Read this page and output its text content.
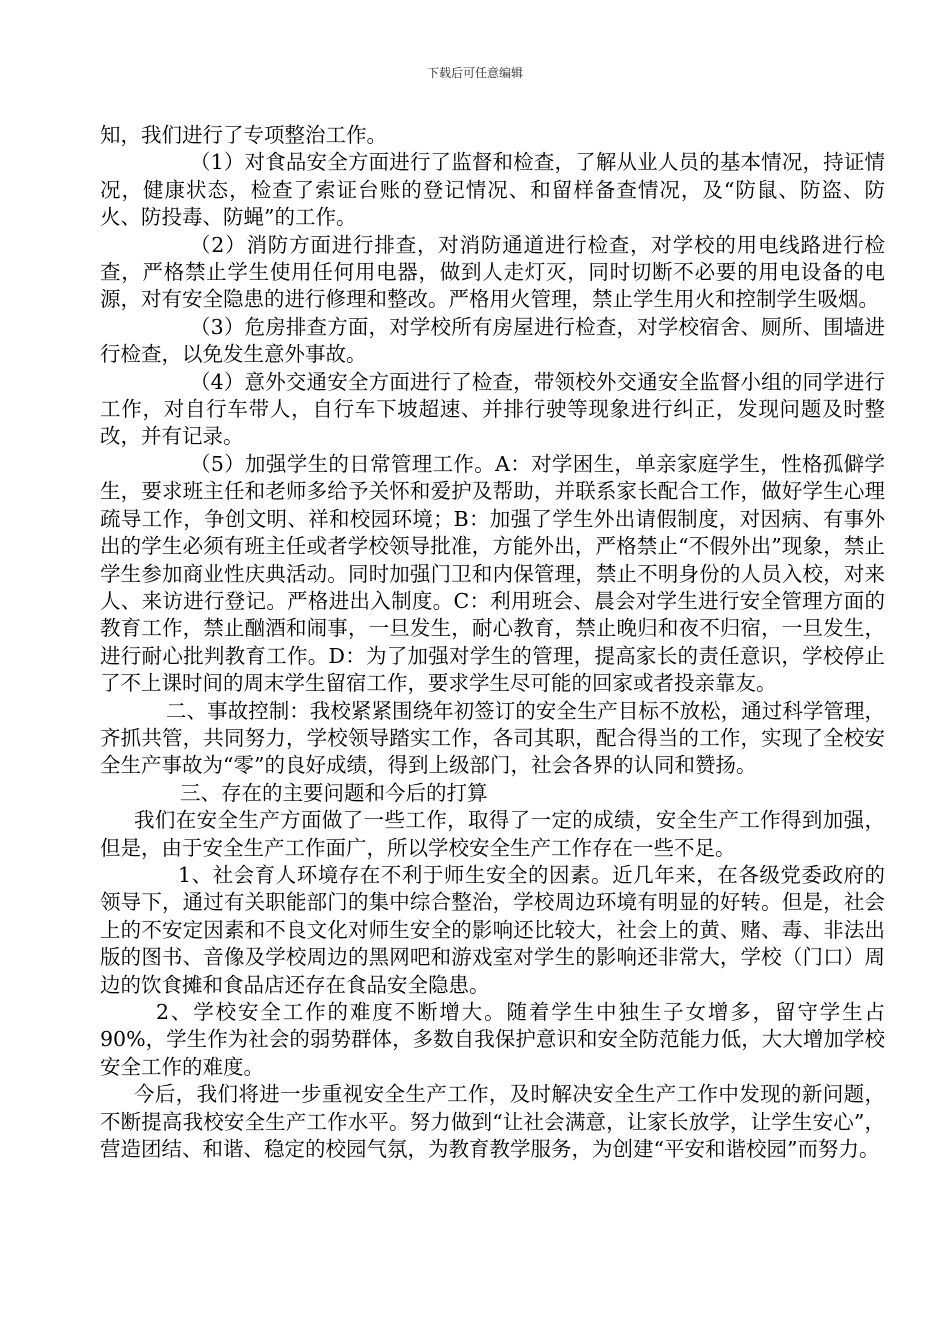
下载后可任意编辑

知，我们进行了专项整治工作。

（1）对食品安全方面进行了监督和检查，了解从业人员的基本情况，持证情况，健康状态，检查了索证台账的登记情况、和留样备查情况，及“防鼠、防盗、防火、防投毒、防蝇”的工作。

（2）消防方面进行排查，对消防通道进行检查，对学校的用电线路进行检查，严格禁止学生使用任何用电器，做到人走灯灭，同时切断不必要的用电设备的电源，对有安全隐患的进行修理和整改。严格用火管理，禁止学生用火和控制学生吸烟。

（3）危房排查方面，对学校所有房屋进行检查，对学校宿舍、厕所、围墙进行检查，以免发生意外事故。

（4）意外交通安全方面进行了检查，带领校外交通安全监督小组的同学进行工作，对自行车带人，自行车下坡超速、并排行驶等现象进行纠正，发现问题及时整改，并有记录。

（5）加强学生的日常管理工作。A：对学困生，单亲家庭学生，性格孤僻学生，要求班主任和老师多给予关怀和爱护及帮助，并联系家长配合工作，做好学生心理疏导工作，争创文明、祥和校园环境；B：加强了学生外出请假制度，对因病、有事外出的学生必须有班主任或者学校领导批准，方能外出，严格禁止“不假外出”现象，禁止学生参加商业性庆典活动。同时加强门卫和内保管理，禁止不明身份的人员入校，对来人、来访进行登记。严格进出入制度。C：利用班会、晨会对学生进行安全管理方面的教育工作，禁止酗酒和闹事，一旦发生，耐心教育，禁止晚归和夜不归宿，一旦发生，进行耐心批判教育工作。D：为了加强对学生的管理，提高家长的责任意识，学校停止了不上课时间的周末学生留宿工作，要求学生尽可能的回家或者投亲靠友。

二、事故控制：我校紧紧围绕年初签订的安全生产目标不放松，通过科学管理，齐抓共管，共同努力，学校领导踏实工作，各司其职，配合得当的工作，实现了全校安全生产事故为“零”的良好成绩，得到上级部门，社会各界的认同和赞扬。

三、存在的主要问题和今后的打算

我们在安全生产方面做了一些工作，取得了一定的成绩，安全生产工作得到加强，但是，由于安全生产工作面广，所以学校安全生产工作存在一些不足。

1、社会育人环境存在不利于师生安全的因素。近几年来，在各级党委政府的领导下，通过有关职能部门的集中综合整治，学校周边环境有明显的好转。但是，社会上的不安定因素和不良文化对师生安全的影响还比较大，社会上的黄、赌、毒、非法出版的图书、音像及学校周边的黑网吧和游戏室对学生的影响还非常大，学校（门口）周边的饮食摊和食品店还存在食品安全隐患。

2、学校安全工作的难度不断增大。随着学生中独生子女增多，留守学生占90%，学生作为社会的弱势群体，多数自我保护意识和安全防范能力低，大大增加学校安全工作的难度。

今后，我们将进一步重视安全生产工作，及时解决安全生产工作中发现的新问题，不断提高我校安全生产工作水平。努力做到“让社会满意，让家长放学，让学生安心”，营造团结、和谐、稳定的校园气氛，为教育教学服务，为创建“平安和谐校园”而努力。
